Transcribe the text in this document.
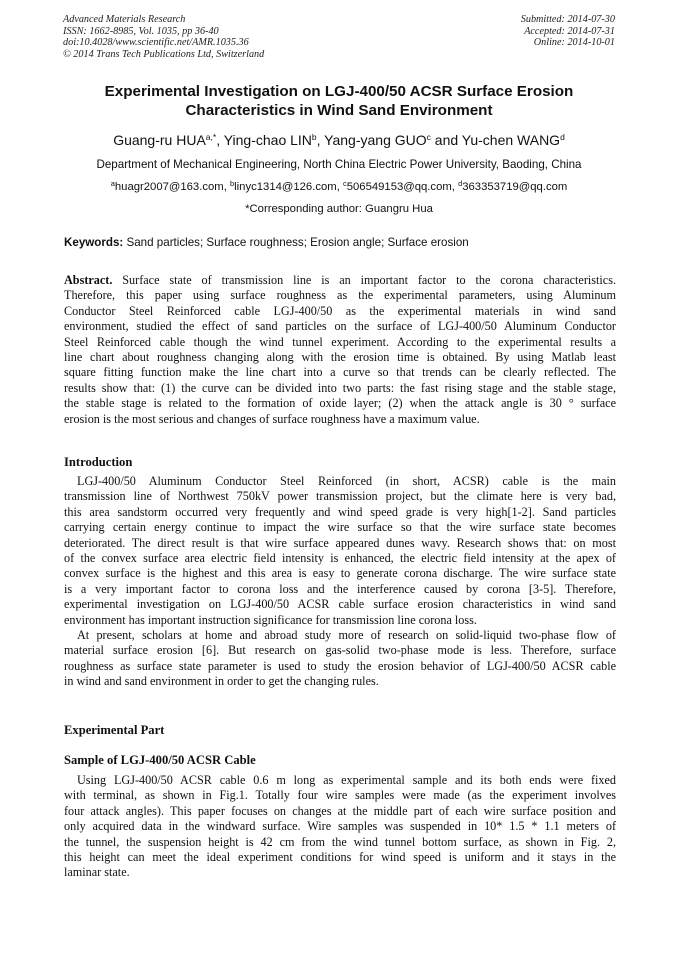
Advanced Materials Research
ISSN: 1662-8985, Vol. 1035, pp 36-40
doi:10.4028/www.scientific.net/AMR.1035.36
© 2014 Trans Tech Publications Ltd, Switzerland
Submitted: 2014-07-30
Accepted: 2014-07-31
Online: 2014-10-01
Experimental Investigation on LGJ-400/50 ACSR Surface Erosion
Characteristics in Wind Sand Environment
Guang-ru $HUA^{a,*}$, Ying-chao LIN$^b$, Yang-yang GUO$^c$ and Yu-chen WANG$^d$
Department of Mechanical Engineering, North China Electric Power University, Baoding, China
$^a$huagr2007@163.com, $^b$linyc1314@126.com, $^c$506549153@qq.com, $^d$363353719@qq.com
*Corresponding author: Guangru Hua
Keywords: Sand particles; Surface roughness; Erosion angle; Surface erosion
Abstract. Surface state of transmission line is an important factor to the corona characteristics.
Therefore, this paper using surface roughness as the experimental parameters, using Aluminum
Conductor Steel Reinforced cable LGJ-400/50 as the experimental materials in wind sand
environment, studied the effect of sand particles on the surface of LGJ-400/50 Aluminum Conductor
Steel Reinforced cable though the wind tunnel experiment. According to the experimental results a
line chart about roughness changing along with the erosion time is obtained. By using Matlab least
square fitting function make the line chart into a curve so that trends can be clearly reflected. The
results show that: (1) the curve can be divided into two parts: the fast rising stage and the stable stage,
the stable stage is related to the formation of oxide layer; (2) when the attack angle is 30 ° surface
erosion is the most serious and changes of surface roughness have a maximum value.
Introduction
LGJ-400/50 Aluminum Conductor Steel Reinforced (in short, ACSR) cable is the main
transmission line of Northwest 750kV power transmission project, but the climate here is very bad,
this area sandstorm occurred very frequently and wind speed grade is very high[1-2]. Sand particles
carrying certain energy continue to impact the wire surface so that the wire surface state becomes
deteriorated. The direct result is that wire surface appeared dunes wavy. Research shows that: on most
of the convex surface area electric field intensity is enhanced, the electric field intensity at the apex of
convex surface is the highest and this area is easy to generate corona discharge. The wire surface state
is a very important factor to corona loss and the interference caused by corona [3-5]. Therefore,
experimental investigation on LGJ-400/50 ACSR cable surface erosion characteristics in wind sand
environment has important instruction significance for transmission line corona loss.
At present, scholars at home and abroad study more of research on solid-liquid two-phase flow of
material surface erosion [6]. But research on gas-solid two-phase mode is less. Therefore, surface
roughness as surface state parameter is used to study the erosion behavior of LGJ-400/50 ACSR cable
in wind and sand environment in order to get the changing rules.
Experimental Part
Sample of LGJ-400/50 ACSR Cable
Using LGJ-400/50 ACSR cable 0.6 m long as experimental sample and its both ends were fixed
with terminal, as shown in Fig.1. Totally four wire samples were made (as the experiment involves
four attack angles). This paper focuses on changes at the middle part of each wire surface position and
only acquired data in the windward surface. Wire samples was suspended in 10* 1.5 * 1.1 meters of
the tunnel, the suspension height is 42 cm from the wind tunnel bottom surface, as shown in Fig. 2,
this height can meet the ideal experiment conditions for wind speed is uniform and it stays in the
laminar state.
